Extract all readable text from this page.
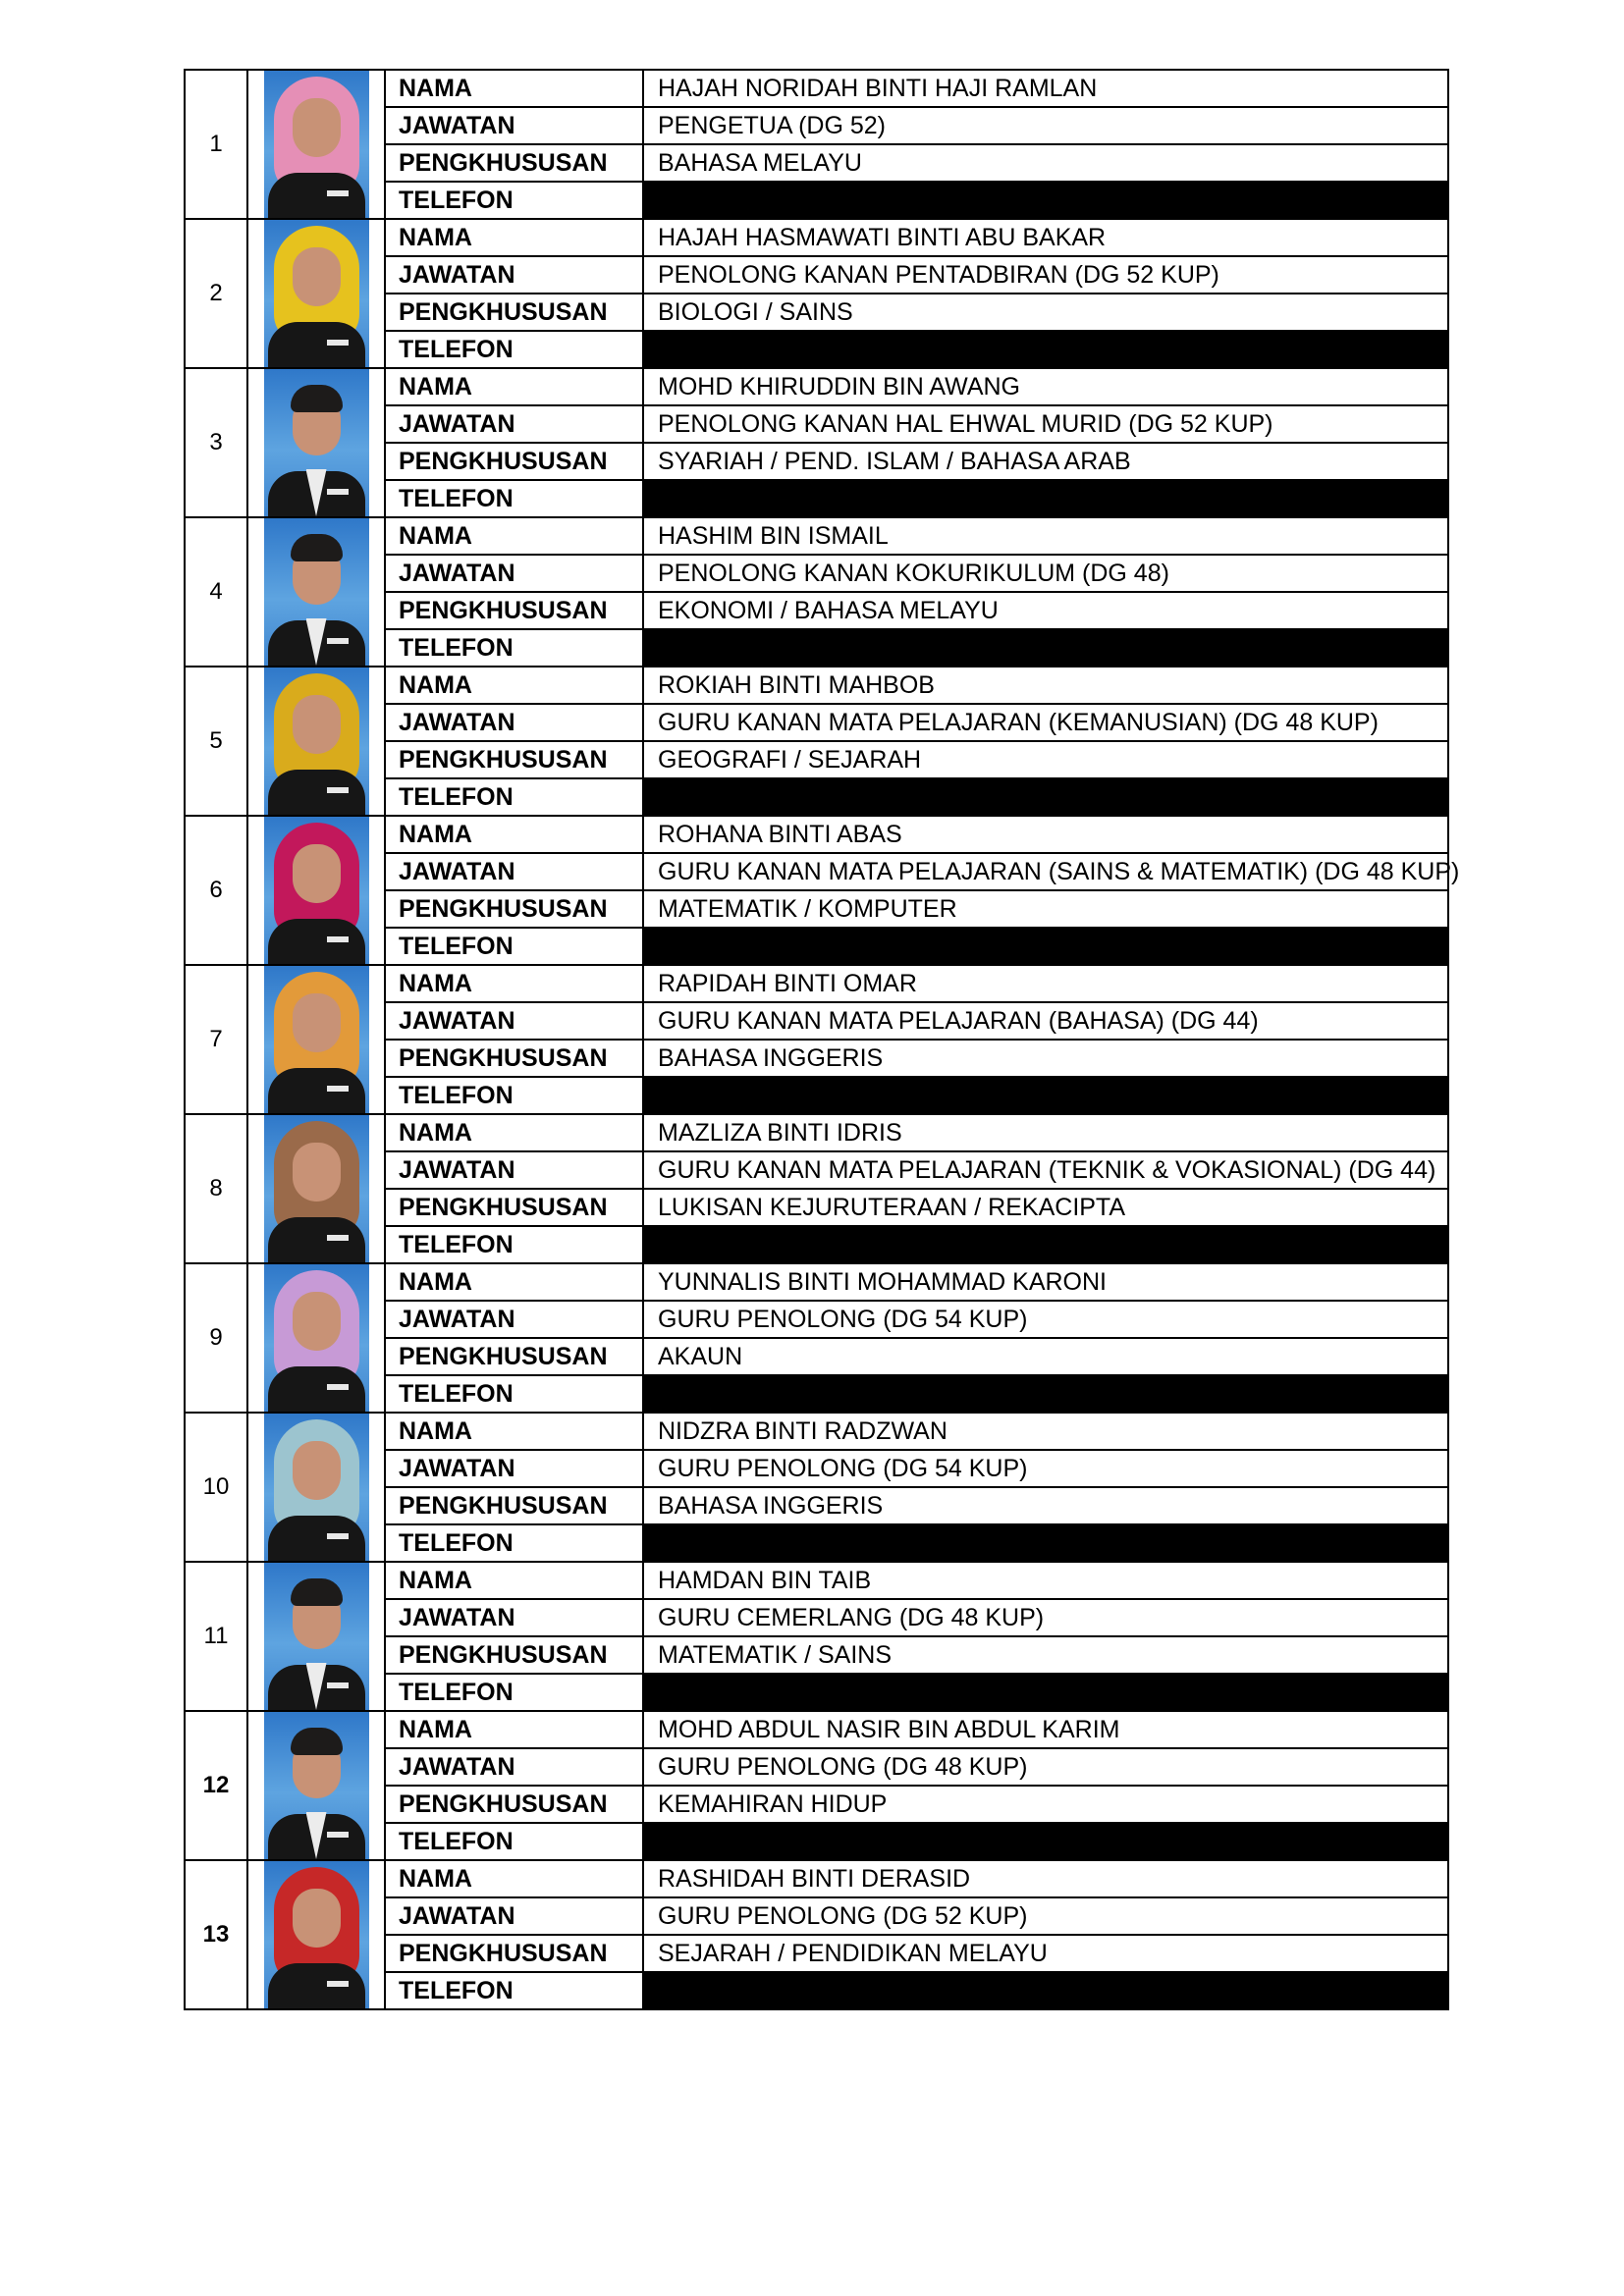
1		NAMA	HAJAH NORIDAH BINTI HAJI RAMLAN
		JAWATAN	PENGETUA (DG 52)
		PENGKHUSUSAN	BAHASA MELAYU
		TELEFON	
2		NAMA	HAJAH HASMAWATI BINTI ABU BAKAR
		JAWATAN	PENOLONG KANAN PENTADBIRAN (DG 52 KUP)
		PENGKHUSUSAN	BIOLOGI / SAINS
		TELEFON	
3		NAMA	MOHD KHIRUDDIN BIN AWANG
		JAWATAN	PENOLONG KANAN HAL EHWAL MURID (DG 52 KUP)
		PENGKHUSUSAN	SYARIAH / PEND. ISLAM / BAHASA ARAB
		TELEFON	
4		NAMA	HASHIM BIN ISMAIL
		JAWATAN	PENOLONG KANAN KOKURIKULUM (DG 48)
		PENGKHUSUSAN	EKONOMI / BAHASA MELAYU
		TELEFON	
5		NAMA	ROKIAH BINTI MAHBOB
		JAWATAN	GURU KANAN MATA PELAJARAN (KEMANUSIAN) (DG 48 KUP)
		PENGKHUSUSAN	GEOGRAFI / SEJARAH
		TELEFON	
6		NAMA	ROHANA BINTI ABAS
		JAWATAN	GURU KANAN MATA PELAJARAN (SAINS & MATEMATIK) (DG 48 KUP)
		PENGKHUSUSAN	MATEMATIK / KOMPUTER
		TELEFON	
7		NAMA	RAPIDAH BINTI OMAR
		JAWATAN	GURU KANAN MATA PELAJARAN (BAHASA) (DG 44)
		PENGKHUSUSAN	BAHASA INGGERIS
		TELEFON	
8		NAMA	MAZLIZA BINTI IDRIS
		JAWATAN	GURU KANAN MATA PELAJARAN (TEKNIK & VOKASIONAL) (DG 44)
		PENGKHUSUSAN	LUKISAN KEJURUTERAAN / REKACIPTA
		TELEFON	
9		NAMA	YUNNALIS BINTI MOHAMMAD KARONI
		JAWATAN	GURU PENOLONG (DG 54 KUP)
		PENGKHUSUSAN	AKAUN
		TELEFON	
10		NAMA	NIDZRA BINTI RADZWAN
		JAWATAN	GURU PENOLONG (DG 54 KUP)
		PENGKHUSUSAN	BAHASA INGGERIS
		TELEFON	
11		NAMA	HAMDAN BIN TAIB
		JAWATAN	GURU CEMERLANG (DG 48 KUP)
		PENGKHUSUSAN	MATEMATIK / SAINS
		TELEFON	
12		NAMA	MOHD ABDUL NASIR BIN ABDUL KARIM
		JAWATAN	GURU PENOLONG (DG 48 KUP)
		PENGKHUSUSAN	KEMAHIRAN HIDUP
		TELEFON	
13		NAMA	RASHIDAH BINTI DERASID
		JAWATAN	GURU PENOLONG (DG 52 KUP)
		PENGKHUSUSAN	SEJARAH / PENDIDIKAN MELAYU
		TELEFON	
